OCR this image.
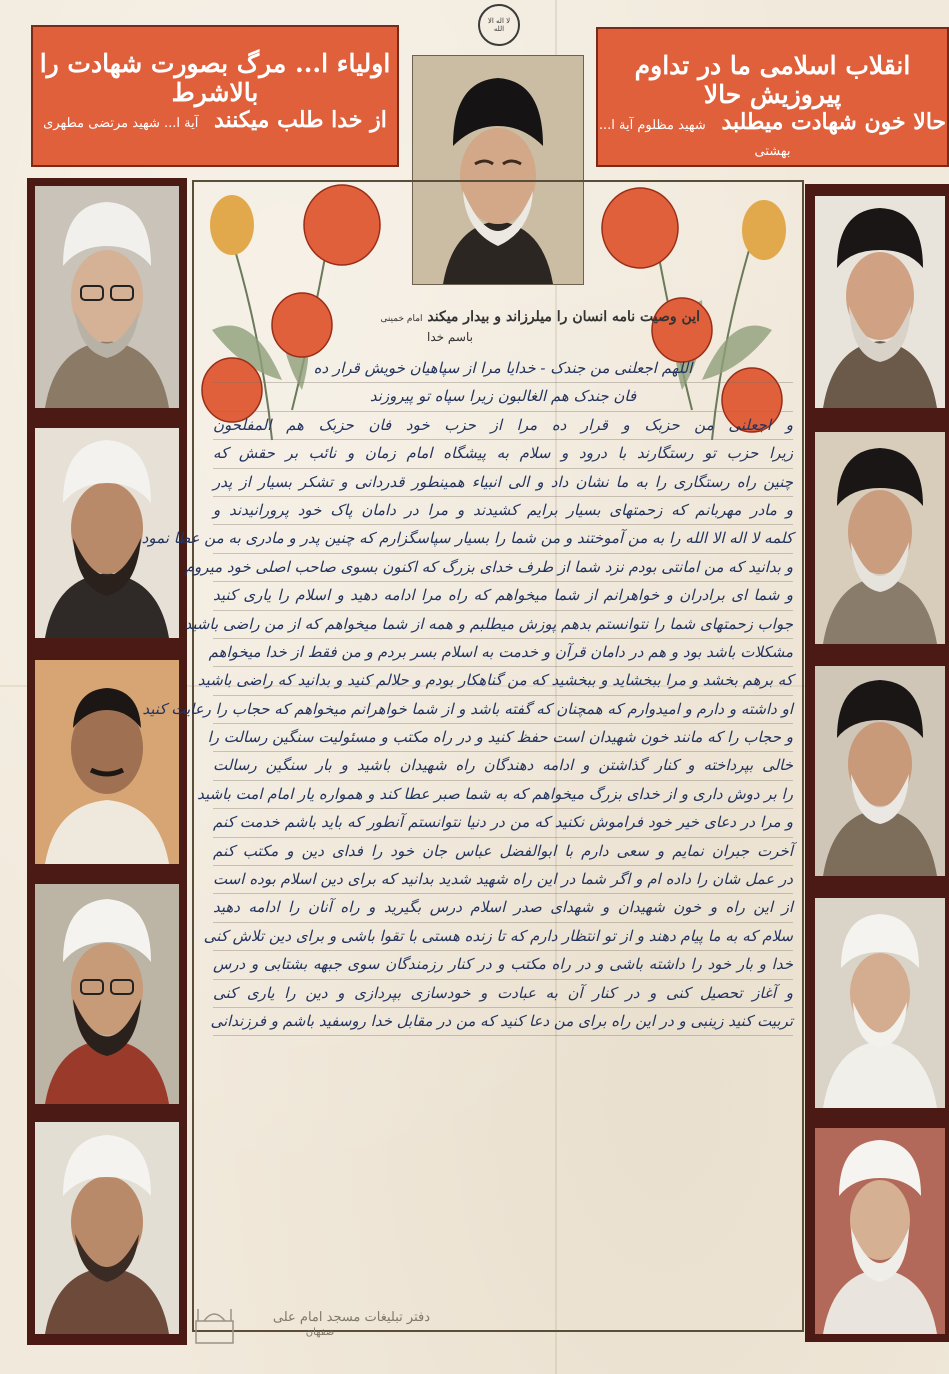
لا اله الا الله
اولیاء ا... مرگ بصورت شهادت را بالاشرط
از خدا طلب میکنند آیة ا... شهید مرتضی مطهری
انقلاب اسلامی ما در تداوم پیروزیش حالا
حالا خون شهادت میطلبد شهید مظلوم آیة ا... بهشتی
این وصیت نامه انسان را میلرزاند و بیدار میکند امام خمینی
باسم خدا
اللهم اجعلنی من جندک - خدایا مرا از سپاهیان خویش قرار ده
فان جندک هم الغالبون زیرا سپاه تو پیروزند
و اجعلنی من حزبک و قرار ده مرا از حزب خود فان حزبک هم المفلحون
زیرا حزب تو رستگارند با درود و سلام به پیشگاه امام زمان و نائب بر حقش که
چنین راه رستگاری را به ما نشان داد و الی انبیاء همینطور قدردانی و تشکر بسیار از پدر
و مادر مهربانم که زحمتهای بسیار برایم کشیدند و مرا در دامان پاک خود پرورانیدند و
کلمه لا اله الا الله را به من آموختند و من شما را بسیار سپاسگزارم که چنین پدر و مادری به من عطا نمود
و بدانید که من امانتی بودم نزد شما از طرف خدای بزرگ که اکنون بسوی صاحب اصلی خود میروم
و شما ای برادران و خواهرانم از شما میخواهم که راه مرا ادامه دهید و اسلام را یاری کنید
جواب زحمتهای شما را نتوانستم بدهم پوزش میطلبم و همه از شما میخواهم که از من راضی باشید
مشکلات باشد بود و هم در دامان قرآن و خدمت به اسلام بسر بردم و من فقط از خدا میخواهم
که برهم بخشد و مرا ببخشاید و ببخشید که من گناهکار بودم و حلالم کنید و بدانید که راضی باشید
او داشته و دارم و امیدوارم که همچنان که گفته باشد و از شما خواهرانم میخواهم که حجاب را رعایت کنید
و حجاب را که مانند خون شهیدان است حفظ کنید و در راه مکتب و مسئولیت سنگین رسالت را
خالی بپرداخته و کنار گذاشتن و ادامه دهندگان راه شهیدان باشید و بار سنگین رسالت
را بر دوش داری و از خدای بزرگ میخواهم که به شما صبر عطا کند و همواره یار امام امت باشید
و مرا در دعای خیر خود فراموش نکنید که من در دنیا نتوانستم آنطور که باید باشم خدمت کنم
آخرت جبران نمایم و سعی دارم با ابوالفضل عباس جان خود را فدای دین و مکتب کنم
در عمل شان را داده ام و اگر شما در این راه شهید شدید بدانید که برای دین اسلام بوده است
از این راه و خون شهیدان و شهدای صدر اسلام درس بگیرید و راه آنان را ادامه دهید
سلام که به ما پیام دهند و از تو انتظار دارم که تا زنده هستی با تقوا باشی و برای دین تلاش کنی
خدا و بار خود را داشته باشی و در راه مکتب و در کنار رزمندگان سوی جبهه بشتابی و درس
و آغاز تحصیل کنی و در کنار آن به عبادت و خودسازی بپردازی و دین را یاری کنی
تربیت کنید زینبی و در این راه برای من دعا کنید که من در مقابل خدا روسفید باشم و فرزندانی
دفتر تبلیغات مسجد امام علی
صفهان
